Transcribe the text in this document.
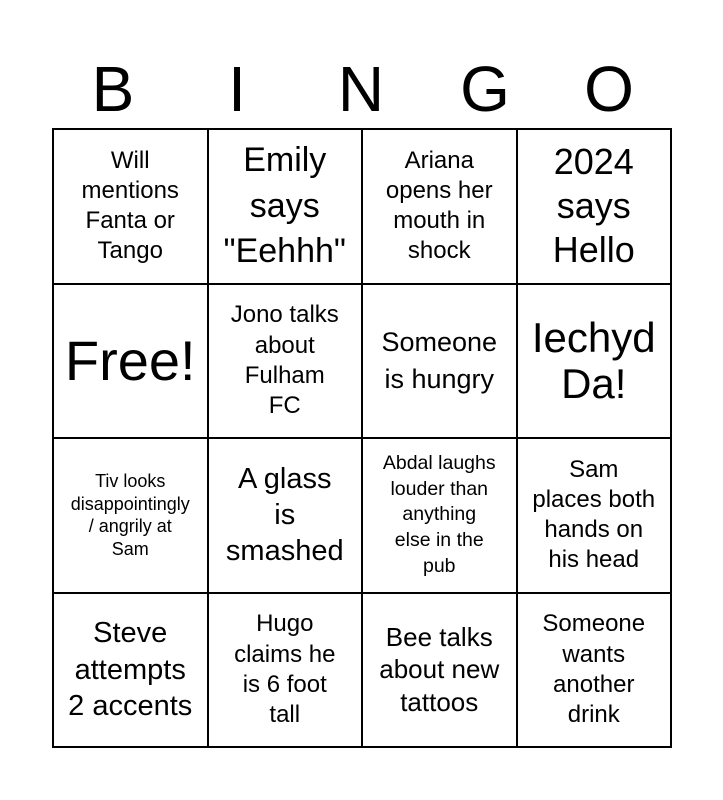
B	I	N	G	O
Will
mentions
Fanta or
Tango
Emily
says
"Eehhh"
Ariana
opens her
mouth in
shock
2024
says
Hello
Free!
Jono talks
about
Fulham
FC
Someone
is hungry
Iechyd
Da!
Tiv looks
disappointingly
/ angrily at
Sam
A glass
is
smashed
Abdal laughs
louder than
anything
else in the
pub
Sam
places both
hands on
his head
Steve
attempts
2 accents
Hugo
claims he
is 6 foot
tall
Bee talks
about new
tattoos
Someone
wants
another
drink
